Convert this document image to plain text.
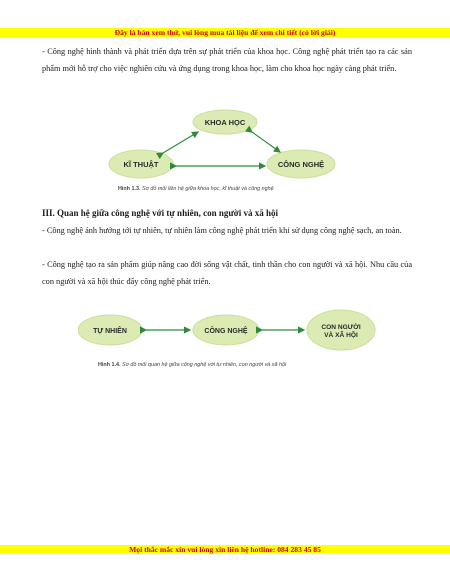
Đây là bản xem thử, vui lòng mua tài liệu để xem chi tiết (có lời giải)

- Công nghệ hình thành và phát triển dựa trên sự phát triển của khoa học. Công nghệ phát triển tạo ra các sản phẩm mới hỗ trợ cho việc nghiên cứu và ứng dụng trong khoa học, làm cho khoa học ngày càng phát triển.

KHOA HỌC
KĨ THUẬT	CÔNG NGHỆ

Hình 1.3. Sơ đồ mối liên hệ giữa khoa học, kĩ thuật và công nghệ

III. Quan hệ giữa công nghệ với tự nhiên, con người và xã hội

- Công nghệ ảnh hưởng tới tự nhiên, tự nhiên làm công nghệ phát triển khi sử dụng công nghệ sạch, an toàn.

- Công nghệ tạo ra sản phẩm giúp nâng cao đời sống vật chất, tinh thần cho con người và xã hội. Nhu cầu của con người và xã hội thúc đẩy công nghệ phát triển.

TỰ NHIÊN	CÔNG NGHỆ
CON NGƯỜI
VÀ XÃ HỘI

Hình 1.4. Sơ đồ mối quan hệ giữa công nghệ với tự nhiên, con người và xã hội

Mọi thắc mắc xin vui lòng xin liên hệ hotline: 084 283 45 85
